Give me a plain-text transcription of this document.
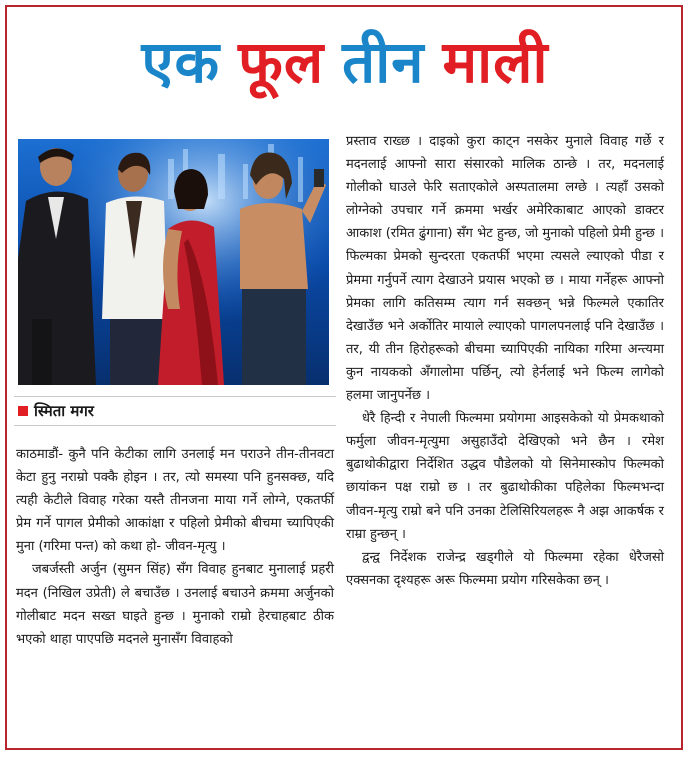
एक फूल तीन माली
स्मिता मगर

काठमाडौं- कुनै पनि केटीका लागि उनलाई मन पराउने तीन-तीनवटा केटा हुनु नराम्रो पक्कै होइन । तर, त्यो समस्या पनि हुनसक्छ, यदि त्यही केटीले विवाह गरेका यस्तै तीनजना माया गर्ने लोग्ने, एकतर्फी प्रेम गर्ने पागल प्रेमीको आकांक्षा र पहिलो प्रेमीको बीचमा च्यापिएकी मुना (गरिमा पन्त) को कथा हो- जीवन-मृत्यु ।

जबर्जस्ती अर्जुन (सुमन सिंह) सँग विवाह हुनबाट मुनालाई प्रहरी मदन (निखिल उप्रेती) ले बचाउँछ । उनलाई बचाउने क्रममा अर्जुनको गोलीबाट मदन सख्त घाइते हुन्छ । मुनाको राम्रो हेरचाहबाट ठीक भएको थाहा पाएपछि मदनले मुनासँग विवाहको

प्रस्ताव राख्छ । दाइको कुरा काट्न नसकेर मुनाले विवाह गर्छे र मदनलाई आफ्नो सारा संसारको मालिक ठान्छे । तर, मदनलाई गोलीको घाउले फेरि सताएकोले अस्पतालमा लग्छे । त्यहाँ उसको लोग्नेको उपचार गर्ने क्रममा भर्खर अमेरिकाबाट आएको डाक्टर आकाश (रमित ढुंगाना) सँग भेट हुन्छ, जो मुनाको पहिलो प्रेमी हुन्छ । फिल्मका प्रेमको सुन्दरता एकतर्फी भएमा त्यसले ल्याएको पीडा र प्रेममा गर्नुपर्ने त्याग देखाउने प्रयास भएको छ । माया गर्नेहरू आफ्नो प्रेमका लागि कतिसम्म त्याग गर्न सक्छन् भन्ने फिल्मले एकातिर देखाउँछ भने अर्कोतिर मायाले ल्याएको पागलपनलाई पनि देखाउँछ । तर, यी तीन हिरोहरूको बीचमा च्यापिएकी नायिका गरिमा अन्त्यमा कुन नायकको अँगालोमा पर्छिन्, त्यो हेर्नलाई भने फिल्म लागेको हलमा जानुपर्नेछ ।

धेरै हिन्दी र नेपाली फिल्ममा प्रयोगमा आइसकेको यो प्रेमकथाको फर्मुला जीवन-मृत्युमा असुहाउँदो देखिएको भने छैन । रमेश बुढाथोकीद्वारा निर्देशित उद्धव पौडेलको यो सिनेमास्कोप फिल्मको छायांकन पक्ष राम्रो छ । तर बुढाथोकीका पहिलेका फिल्मभन्दा जीवन-मृत्यु राम्रो बने पनि उनका टेलिसिरियलहरू नै अझ आकर्षक र राम्रा हुन्छन् ।

द्वन्द्व निर्देशक राजेन्द्र खड्गीले यो फिल्ममा रहेका धेरैजसो एक्सनका दृश्यहरू अरू फिल्ममा प्रयोग गरिसकेका छन् ।
